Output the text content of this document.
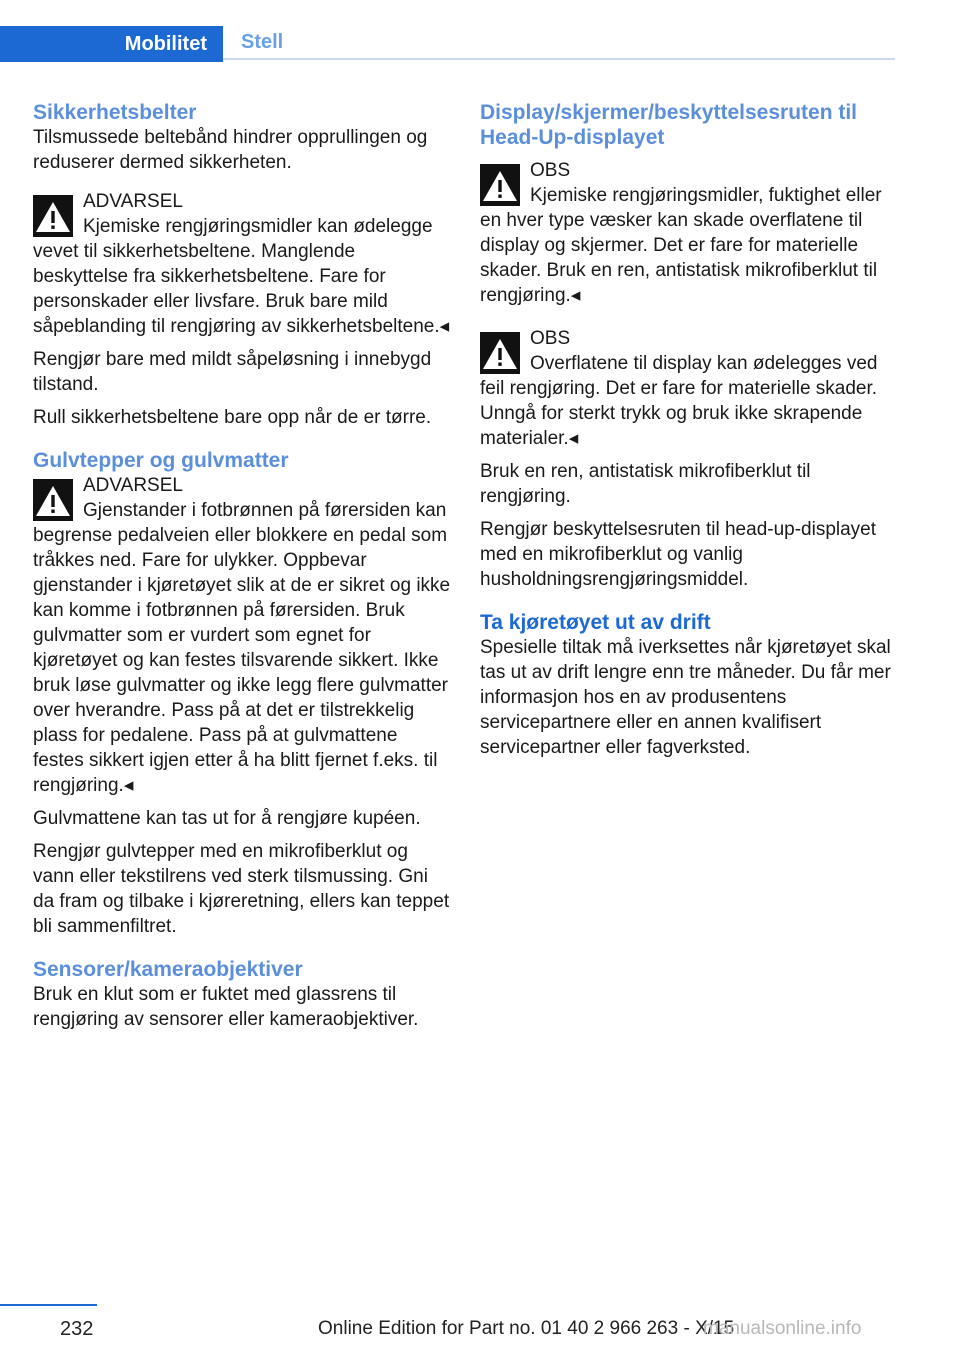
Mobilitet	Stell
Sikkerhetsbelter

Tilsmussede beltebånd hindrer opprullingen og reduserer dermed sikkerheten.

ADVARSEL

Kjemiske rengjøringsmidler kan ødelegge vevet til sikkerhetsbeltene. Manglende beskyttelse fra sikkerhetsbeltene. Fare for personskader eller livsfare. Bruk bare mild såpeblanding til rengjøring av sikkerhetsbeltene.◂

Rengjør bare med mildt såpeløsning i innebygd tilstand.

Rull sikkerhetsbeltene bare opp når de er tørre.

Gulvtepper og gulvmatter
ADVARSEL

Gjenstander i fotbrønnen på førersiden kan begrense pedalveien eller blokkere en pedal som tråkkes ned. Fare for ulykker. Oppbevar gjenstander i kjøretøyet slik at de er sikret og ikke kan komme i fotbrønnen på førersiden. Bruk gulvmatter som er vurdert som egnet for kjøretøyet og kan festes tilsvarende sikkert. Ikke bruk løse gulvmatter og ikke legg flere gulvmatter over hverandre. Pass på at det er tilstrekkelig plass for pedalene. Pass på at gulvmattene festes sikkert igjen etter å ha blitt fjernet f.eks. til rengjøring.◂

Gulvmattene kan tas ut for å rengjøre kupéen.

Rengjør gulvtepper med en mikrofiberklut og vann eller tekstilrens ved sterk tilsmussing. Gni da fram og tilbake i kjøreretning, ellers kan teppet bli sammenfiltret.

Sensorer/kameraobjektiver

Bruk en klut som er fuktet med glassrens til rengjøring av sensorer eller kameraobjektiver.

Display/skjermer/beskyttelsesruten til Head-Up-displayet
OBS

Kjemiske rengjøringsmidler, fuktighet eller en hver type væsker kan skade overflatene til display og skjermer. Det er fare for materielle skader. Bruk en ren, antistatisk mikrofiberklut til rengjøring.◂

OBS

Overflatene til display kan ødelegges ved feil rengjøring. Det er fare for materielle skader. Unngå for sterkt trykk og bruk ikke skrapende materialer.◂

Bruk en ren, antistatisk mikrofiberklut til rengjøring.

Rengjør beskyttelsesruten til head-up-displayet med en mikrofiberklut og vanlig husholdningsrengjøringsmiddel.

Ta kjøretøyet ut av drift

Spesielle tiltak må iverksettes når kjøretøyet skal tas ut av drift lengre enn tre måneder. Du får mer informasjon hos en av produsentens servicepartnere eller en annen kvalifisert servicepartner eller fagverksted.

232	Online Edition for Part no. 01 40 2 966 263 - X/15
manualsonline.info
